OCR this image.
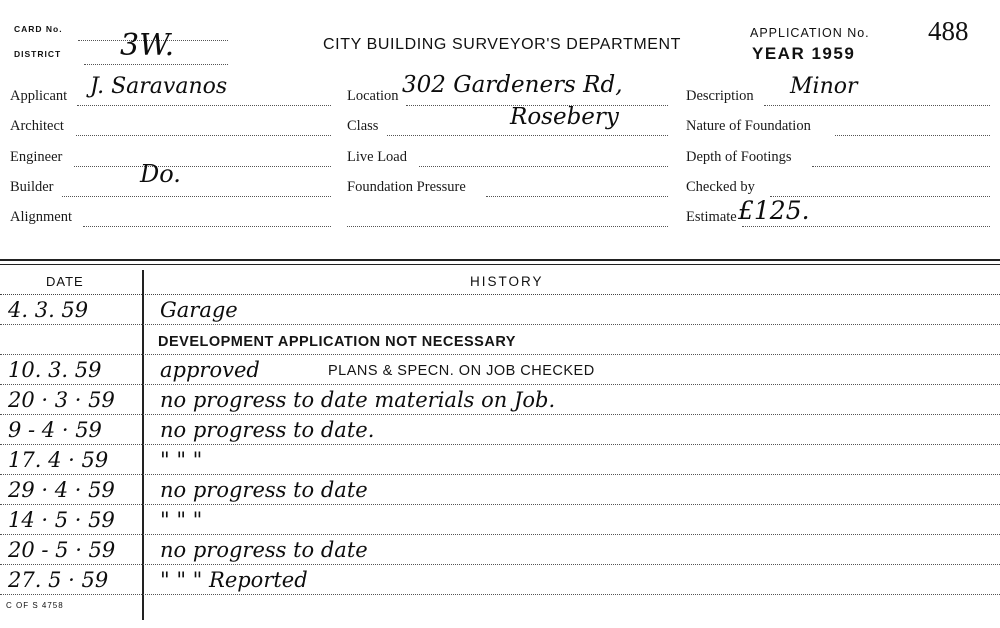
CARD No.
DISTRICT 3W.	CITY BUILDING SURVEYOR'S DEPARTMENT
APPLICATION No.
YEAR 1959
488
Applicant J. Saravanos
Architect
Engineer
Builder	Do.
Alignment
Location 302 Gardeners Rd,
Rosebery
Class
Live Load
Foundation Pressure
Description Minor
Nature of Foundation
Depth of Footings
Checked by
Estimate £125.
DATE	HISTORY
4. 3. 59	Garage
DEVELOPMENT APPLICATION NOT NECESSARY
10. 3. 59	approved	PLANS & SPECN. ON JOB CHECKED
20 · 3 · 59 no progress to date materials on Job.
9 - 4 · 59	no progress to date.
17. 4 · 59 " " "
29 · 4 · 59 no progress to date
14 · 5 · 59 " " "
20 - 5 · 59 no progress to date
27. 5 · 59 " " " Reported
C OF S 4758
